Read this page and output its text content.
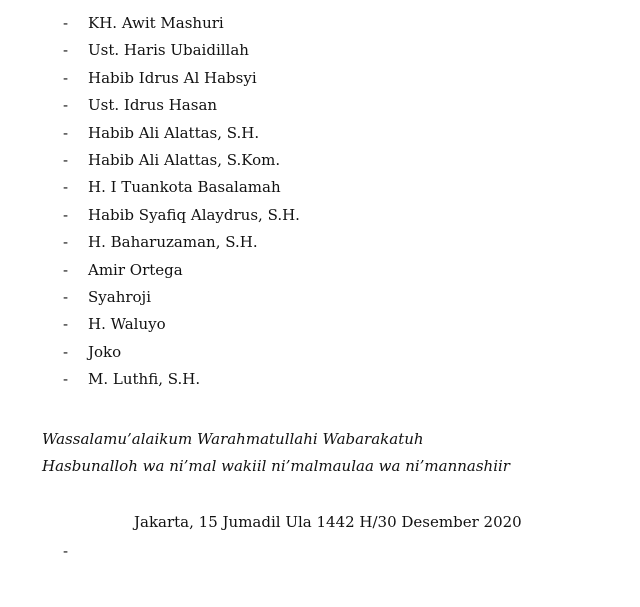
- KH. Awit Mashuri
- Ust. Haris Ubaidillah
- Habib Idrus Al Habsyi
- Ust. Idrus Hasan
- Habib Ali Alattas, S.H.
- Habib Ali Alattas, S.Kom.
- H. I Tuankota Basalamah
- Habib Syafiq Alaydrus, S.H.
- H. Baharuzaman, S.H.
- Amir Ortega
- Syahroji
- H. Waluyo
- Joko
- M. Luthfi, S.H.
Wassalamu’alaikum Warahmatullahi Wabarakatuh
Hasbunalloh wa ni’mal wakiil ni’malmaulaa wa ni’mannashiir
Jakarta, 15 Jumadil Ula 1442 H/30 Desember 2020
-
